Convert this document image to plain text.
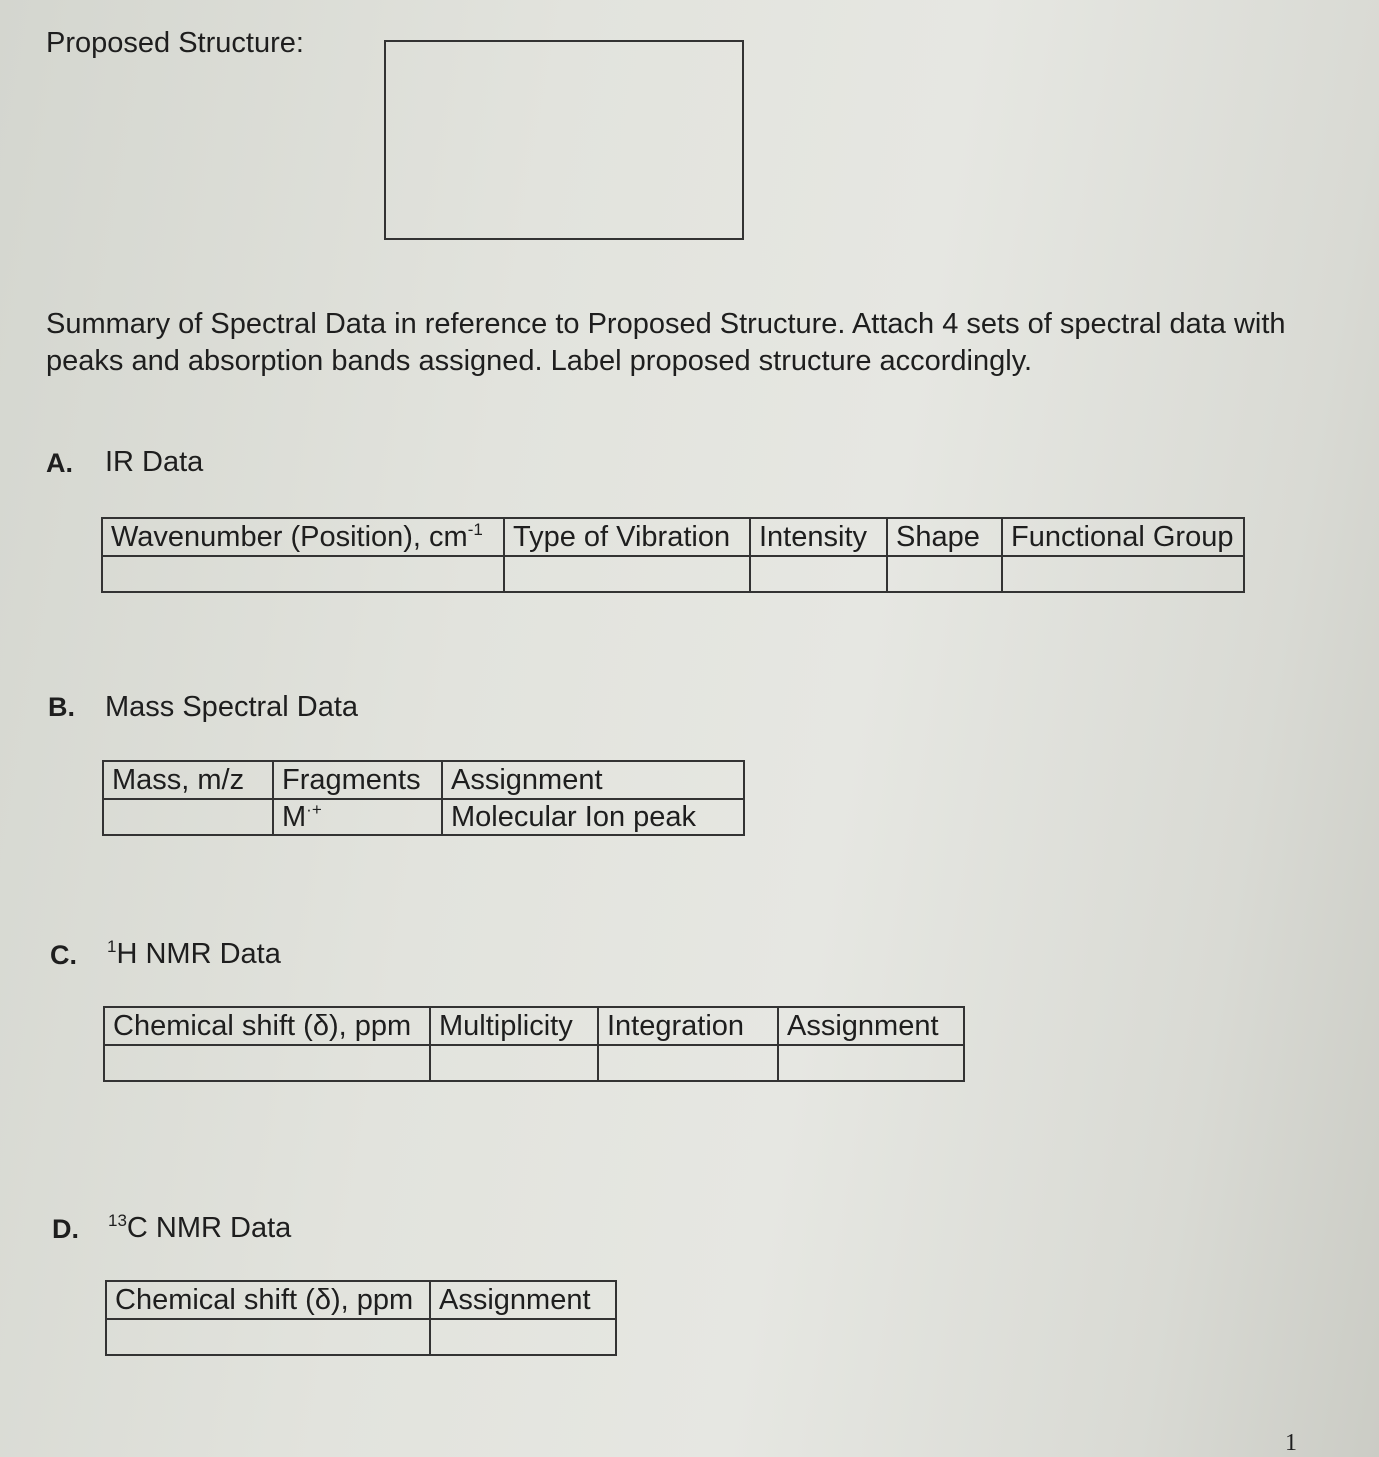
Proposed Structure:
Summary of Spectral Data in reference to Proposed Structure. Attach 4 sets of spectral data with peaks and absorption bands assigned. Label proposed structure accordingly.
A. IR Data
Wavenumber (Position), $cm^{-1}$	Type of Vibration	Intensity	Shape	Functional Group

B. Mass Spectral Data
Mass, m/z	Fragments	Assignment
	M·+	Molecular Ion peak
C. $^1$H NMR Data
Chemical shift (δ), ppm	Multiplicity	Integration	Assignment

D. $^{13}$C NMR Data
Chemical shift (δ), ppm	Assignment

1
